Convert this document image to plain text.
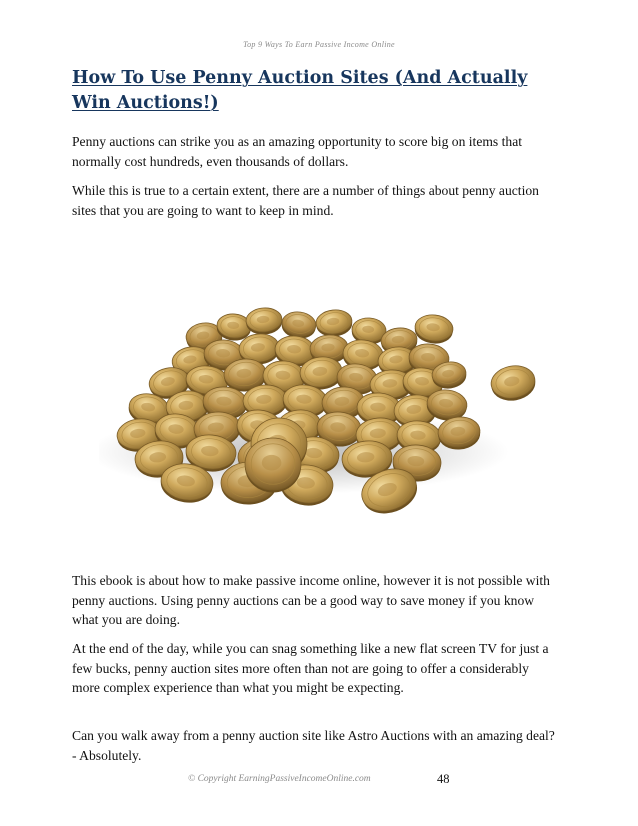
Top 9 Ways To Earn Passive Income Online
How To Use Penny Auction Sites (And Actually Win Auctions!)

Penny auctions can strike you as an amazing opportunity to score big on items that normally cost hundreds, even thousands of dollars.

While this is true to a certain extent, there are a number of things about penny auction sites that you are going to want to keep in mind.

This ebook is about how to make passive income online, however it is not possible with penny auctions. Using penny auctions can be a good way to save money if you know what you are doing.

At the end of the day, while you can snag something like a new flat screen TV for just a few bucks, penny auction sites more often than not are going to offer a considerably more complex experience than what you might be expecting.

Can you walk away from a penny auction site like Astro Auctions with an amazing deal? - Absolutely.

© Copyright EarningPassiveIncomeOnline.com	48
